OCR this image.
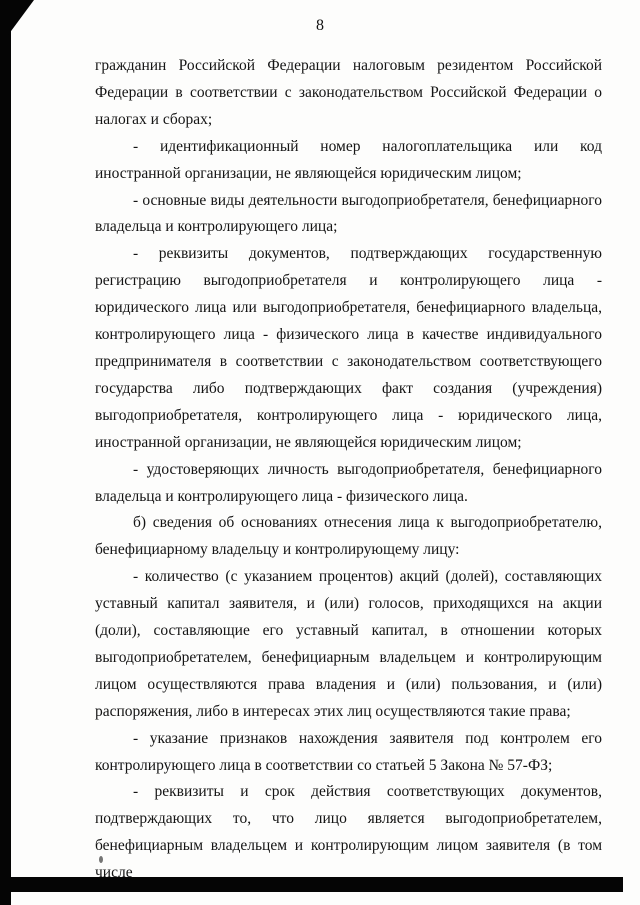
8

гражданин Российской Федерации налоговым резидентом Российской Федерации в соответствии с законодательством Российской Федерации о налогах и сборах;

- идентификационный номер налогоплательщика или код иностранной организации, не являющейся юридическим лицом;

- основные виды деятельности выгодоприобретателя, бенефициарного владельца и контролирующего лица;

- реквизиты документов, подтверждающих государственную регистрацию выгодоприобретателя и контролирующего лица - юридического лица или выгодоприобретателя, бенефициарного владельца, контролирующего лица - физического лица в качестве индивидуального предпринимателя в соответствии с законодательством соответствующего государства либо подтверждающих факт создания (учреждения) выгодоприобретателя, контролирующего лица - юридического лица, иностранной организации, не являющейся юридическим лицом;

- удостоверяющих личность выгодоприобретателя, бенефициарного владельца и контролирующего лица - физического лица.

б) сведения об основаниях отнесения лица к выгодоприобретателю, бенефициарному владельцу и контролирующему лицу:

- количество (с указанием процентов) акций (долей), составляющих уставный капитал заявителя, и (или) голосов, приходящихся на акции (доли), составляющие его уставный капитал, в отношении которых выгодоприобретателем, бенефициарным владельцем и контролирующим лицом осуществляются права владения и (или) пользования, и (или) распоряжения, либо в интересах этих лиц осуществляются такие права;

- указание признаков нахождения заявителя под контролем его контролирующего лица в соответствии со статьей 5 Закона № 57-ФЗ;

- реквизиты и срок действия соответствующих документов, подтверждающих то, что лицо является выгодоприобретателем, бенефициарным владельцем и контролирующим лицом заявителя (в том числе
